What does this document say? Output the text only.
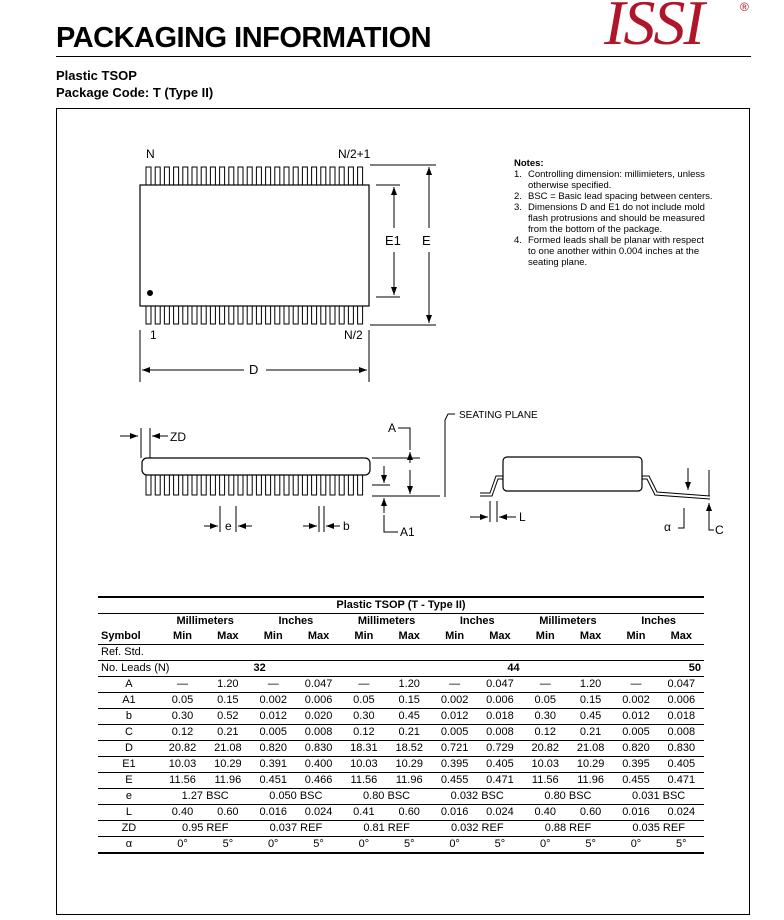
PACKAGING INFORMATION	ISSI	®
Plastic TSOP
Package Code: T (Type II)
N	N/2+1
1	N/2
E1 E
D
ZD
A
A1
e	b
SEATING PLANE
L
α	C
Notes:
1. Controlling dimension: millimieters, unless otherwise specified.
2. BSC = Basic lead spacing between centers.
3. Dimensions D and E1 do not include mold flash protrusions and should be measured from the bottom of the package.
4. Formed leads shall be planar with respect to one another within 0.004 inches at the seating plane.
Plastic TSOP (T - Type II)												
	Millimeters		Inches		Millimeters		Inches		Millimeters		Inches	
Symbol	Min	Max	Min	Max	Min	Max	Min	Max	Min	Max	Min	Max
Ref. Std.												
No. Leads (N)			32				44				50	
A	—	1.20	—	0.047	—	1.20	—	0.047	—	1.20	—	0.047
A1	0.05	0.15	0.002	0.006	0.05	0.15	0.002	0.006	0.05	0.15	0.002	0.006
b	0.30	0.52	0.012	0.020	0.30	0.45	0.012	0.018	0.30	0.45	0.012	0.018
C	0.12	0.21	0.005	0.008	0.12	0.21	0.005	0.008	0.12	0.21	0.005	0.008
D	20.82	21.08	0.820	0.830	18.31	18.52	0.721	0.729	20.82	21.08	0.820	0.830
E1	10.03	10.29	0.391	0.400	10.03	10.29	0.395	0.405	10.03	10.29	0.395	0.405
E	11.56	11.96	0.451	0.466	11.56	11.96	0.455	0.471	11.56	11.96	0.455	0.471
e	1.27 BSC		0.050 BSC		0.80 BSC		0.032 BSC		0.80 BSC		0.031 BSC	
L	0.40	0.60	0.016	0.024	0.41	0.60	0.016	0.024	0.40	0.60	0.016	0.024
ZD	0.95 REF		0.037 REF		0.81 REF		0.032 REF		0.88 REF		0.035 REF	
α	0°	5°	0°	5°	0°	5°	0°	5°	0°	5°	0°	5°
